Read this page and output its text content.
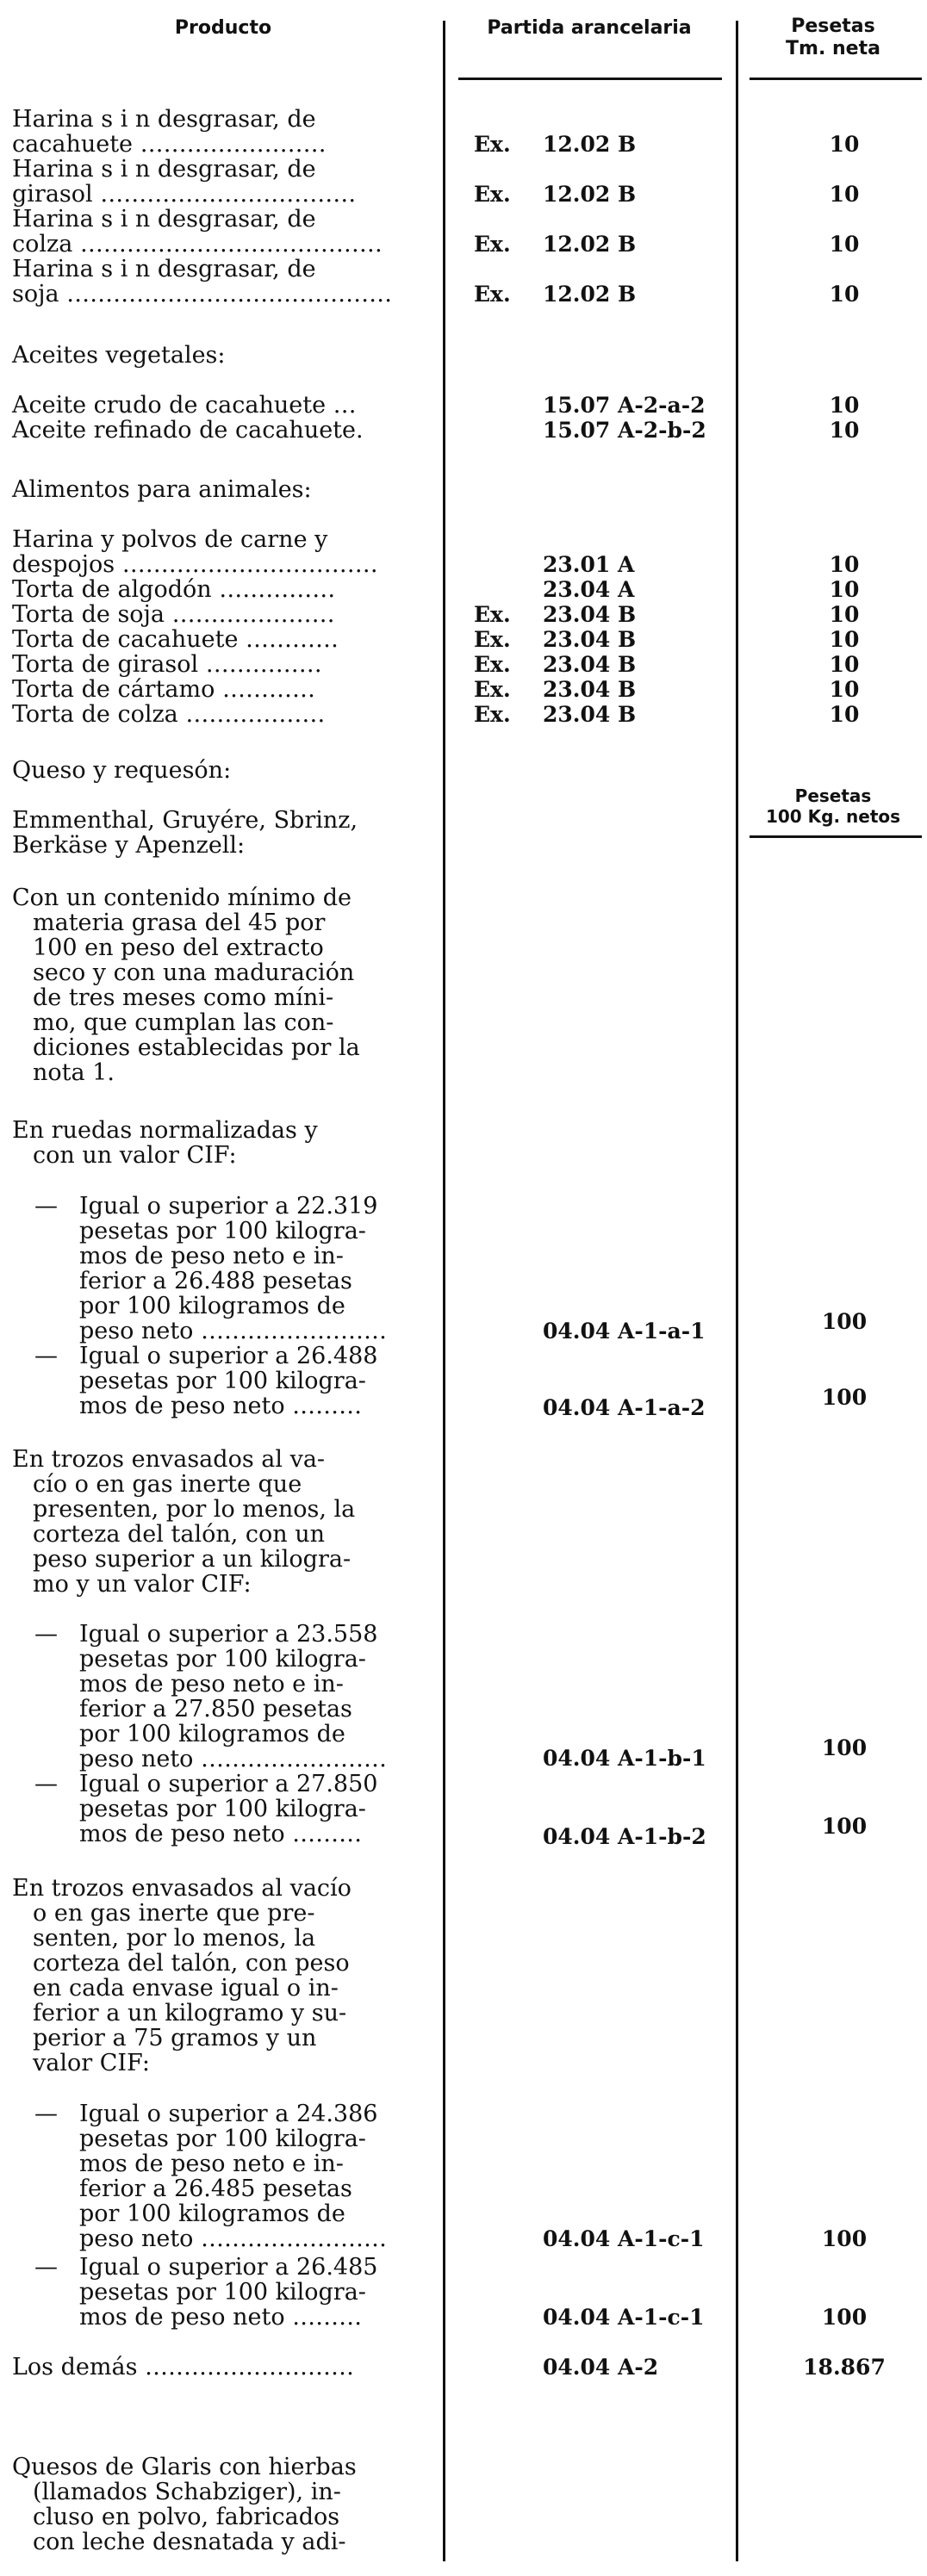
Producto	Partida arancelaria	Pesetas
Tm. neta
Harina s i n desgrasar, de
cacahuete ……………………	Ex. 12.02 B	10
Harina s i n desgrasar, de
girasol ……………………………	Ex. 12.02 B	10
Harina s i n desgrasar, de
colza …………………………………	Ex. 12.02 B	10
Harina s i n desgrasar, de
soja ……………………………………	Ex. 12.02 B	10
Aceites vegetales:
Aceite crudo de cacahuete …	15.07 A-2-a-2	10
Aceite refinado de cacahuete.	15.07 A-2-b-2	10
Alimentos para animales:
Harina y polvos de carne y
despojos ……………………………	23.01 A	10
Torta de algodón ……………	23.04 A	10
Torta de soja …………………	Ex. 23.04 B	10
Torta de cacahuete …………	Ex. 23.04 B	10
Torta de girasol ……………	Ex. 23.04 B	10
Torta de cártamo …………	Ex. 23.04 B	10
Torta de colza ………………	Ex. 23.04 B	10
Queso y requesón:
Pesetas
100 Kg. netos
Emmenthal, Gruyére, Sbrinz,
Berkäse y Apenzell:
Con un contenido mínimo de
materia grasa del 45 por
100 en peso del extracto
seco y con una maduración
de tres meses como míni-
mo, que cumplan las con-
diciones establecidas por la
nota 1.
En ruedas normalizadas y
con un valor CIF:
— Igual o superior a 22.319
pesetas por 100 kilogra-
mos de peso neto e in-
ferior a 26.488 pesetas
por 100 kilogramos de
peso neto ……………………	04.04 A-1-a-1	100
— Igual o superior a 26.488
pesetas por 100 kilogra-
mos de peso neto ………	04.04 A-1-a-2	100
En trozos envasados al va-
cío o en gas inerte que
presenten, por lo menos, la
corteza del talón, con un
peso superior a un kilogra-
mo y un valor CIF:
— Igual o superior a 23.558
pesetas por 100 kilogra-
mos de peso neto e in-
ferior a 27.850 pesetas
por 100 kilogramos de
peso neto ……………………	04.04 A-1-b-1	100
— Igual o superior a 27.850
pesetas por 100 kilogra-
mos de peso neto ………	04.04 A-1-b-2	100
En trozos envasados al vacío
o en gas inerte que pre-
senten, por lo menos, la
corteza del talón, con peso
en cada envase igual o in-
ferior a un kilogramo y su-
perior a 75 gramos y un
valor CIF:
— Igual o superior a 24.386
pesetas por 100 kilogra-
mos de peso neto e in-
ferior a 26.485 pesetas
por 100 kilogramos de
peso neto ……………………	04.04 A-1-c-1	100
— Igual o superior a 26.485
pesetas por 100 kilogra-
mos de peso neto ………	04.04 A-1-c-1	100
Los demás ………………………	04.04 A-2	18.867
Quesos de Glaris con hierbas
(llamados Schabziger), in-
cluso en polvo, fabricados
con leche desnatada y adi-
